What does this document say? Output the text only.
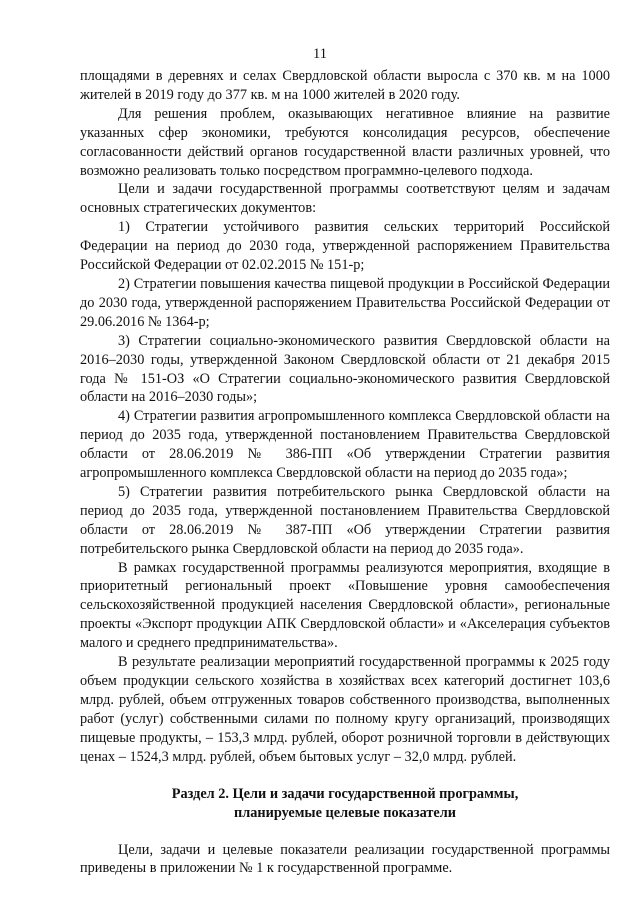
11

площадями в деревнях и селах Свердловской области выросла с 370 кв. м на 1000 жителей в 2019 году до 377 кв. м на 1000 жителей в 2020 году.

Для решения проблем, оказывающих негативное влияние на развитие указанных сфер экономики, требуются консолидация ресурсов, обеспечение согласованности действий органов государственной власти различных уровней, что возможно реализовать только посредством программно-целевого подхода.

Цели и задачи государственной программы соответствуют целям и задачам основных стратегических документов:

1) Стратегии устойчивого развития сельских территорий Российской Федерации на период до 2030 года, утвержденной распоряжением Правительства Российской Федерации от 02.02.2015 № 151-р;

2) Стратегии повышения качества пищевой продукции в Российской Федерации до 2030 года, утвержденной распоряжением Правительства Российской Федерации от 29.06.2016 № 1364-р;

3) Стратегии социально-экономического развития Свердловской области на 2016–2030 годы, утвержденной Законом Свердловской области от 21 декабря 2015 года № 151-ОЗ «О Стратегии социально-экономического развития Свердловской области на 2016–2030 годы»;

4) Стратегии развития агропромышленного комплекса Свердловской области на период до 2035 года, утвержденной постановлением Правительства Свердловской области от 28.06.2019 № 386-ПП «Об утверждении Стратегии развития агропромышленного комплекса Свердловской области на период до 2035 года»;

5) Стратегии развития потребительского рынка Свердловской области на период до 2035 года, утвержденной постановлением Правительства Свердловской области от 28.06.2019 № 387-ПП «Об утверждении Стратегии развития потребительского рынка Свердловской области на период до 2035 года».

В рамках государственной программы реализуются мероприятия, входящие в приоритетный региональный проект «Повышение уровня самообеспечения сельскохозяйственной продукцией населения Свердловской области», региональные проекты «Экспорт продукции АПК Свердловской области» и «Акселерация субъектов малого и среднего предпринимательства».

В результате реализации мероприятий государственной программы к 2025 году объем продукции сельского хозяйства в хозяйствах всех категорий достигнет 103,6 млрд. рублей, объем отгруженных товаров собственного производства, выполненных работ (услуг) собственными силами по полному кругу организаций, производящих пищевые продукты, – 153,3 млрд. рублей, оборот розничной торговли в действующих ценах – 1524,3 млрд. рублей, объем бытовых услуг – 32,0 млрд. рублей.

Раздел 2. Цели и задачи государственной программы,
планируемые целевые показатели

Цели, задачи и целевые показатели реализации государственной программы приведены в приложении № 1 к государственной программе.
